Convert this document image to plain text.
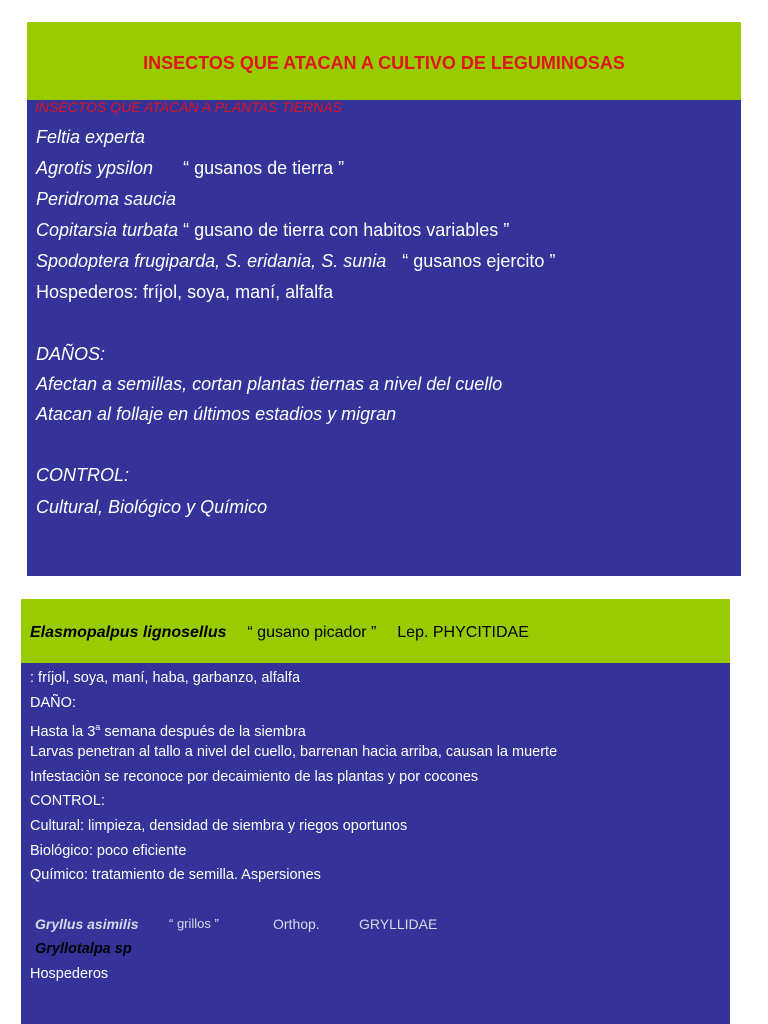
INSECTOS QUE ATACAN A CULTIVO DE LEGUMINOSAS
INSECTOS QUE ATACAN A PLANTAS TIERNAS
Feltia experta
Agrotis ypsilon “ gusanos de tierra ”
Peridroma saucia
Copitarsia turbata “ gusano de tierra con habitos variables ”
Spodoptera frugiparda, S. eridania, S. sunia “ gusanos ejercito ”
Hospederos: fríjol, soya, maní, alfalfa
DAÑOS:
Afectan a semillas, cortan plantas tiernas a nivel del cuello
Atacan al follaje en últimos estadios y migran
CONTROL:
Cultural, Biológico y Químico
Elasmopalpus lignosellus “ gusano picador ” Lep. PHYCITIDAE
: fríjol, soya, maní, haba, garbanzo, alfalfa
DAÑO:
Hasta la 3$^a$ semana después de la siembra
Larvas penetran al tallo a nivel del cuello, barrenan hacia arriba, causan la muerte
Infestaciòn se reconoce por decaimiento de las plantas y por cocones
CONTROL:
Cultural: limpieza, densidad de siembra y riegos oportunos
Biológico: poco eficiente
Químico: tratamiento de semilla. Aspersiones
Gryllus asimilis “ grillos ”	Orthop.	GRYLLIDAE
Gryllotalpa sp
Hospederos
